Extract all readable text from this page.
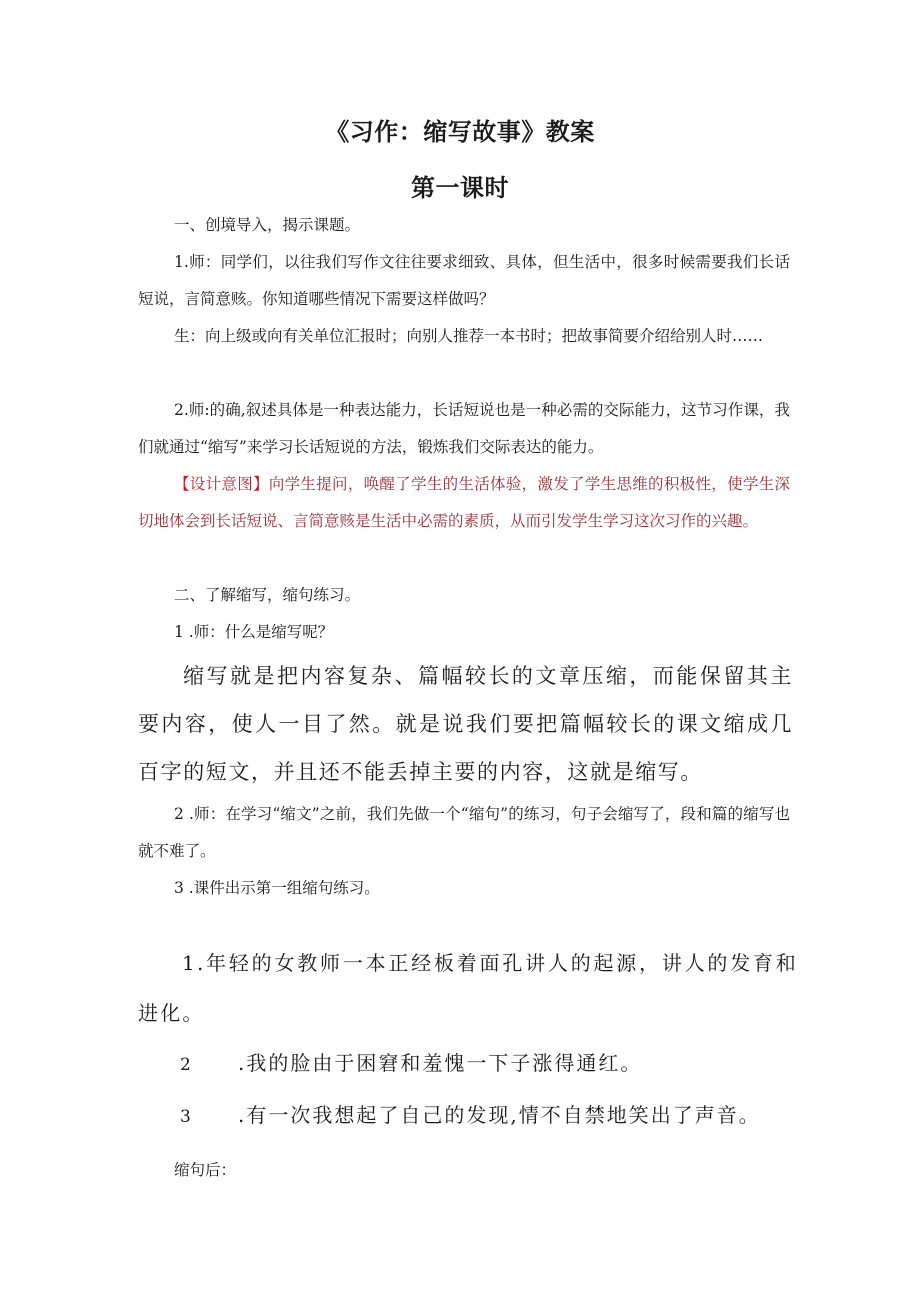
《习作：缩写故事》教案
第一课时

一、创境导入，揭示课题。

1.师：同学们，以往我们写作文往往要求细致、具体，但生活中，很多时候需要我们长话短说，言简意赅。你知道哪些情况下需要这样做吗？

生：向上级或向有关单位汇报时；向别人推荐一本书时；把故事简要介绍给别人时……

2.师:的确,叙述具体是一种表达能力，长话短说也是一种必需的交际能力，这节习作课，我们就通过“缩写”来学习长话短说的方法，锻炼我们交际表达的能力。

【设计意图】向学生提问，唤醒了学生的生活体验，激发了学生思维的积极性，使学生深切地体会到长话短说、言简意赅是生活中必需的素质，从而引发学生学习这次习作的兴趣。

二、了解缩写，缩句练习。

1 .师：什么是缩写呢？

缩写就是把内容复杂、篇幅较长的文章压缩，而能保留其主要内容，使人一目了然。就是说我们要把篇幅较长的课文缩成几百字的短文，并且还不能丢掉主要的内容，这就是缩写。

2 .师：在学习“缩文”之前，我们先做一个“缩句”的练习，句子会缩写了，段和篇的缩写也就不难了。

3 .课件出示第一组缩句练习。

1.年轻的女教师一本正经板着面孔讲人的起源，讲人的发育和进化。

2 .我的脸由于困窘和羞愧一下子涨得通红。

3 .有一次我想起了自己的发现,情不自禁地笑出了声音。

缩句后：
